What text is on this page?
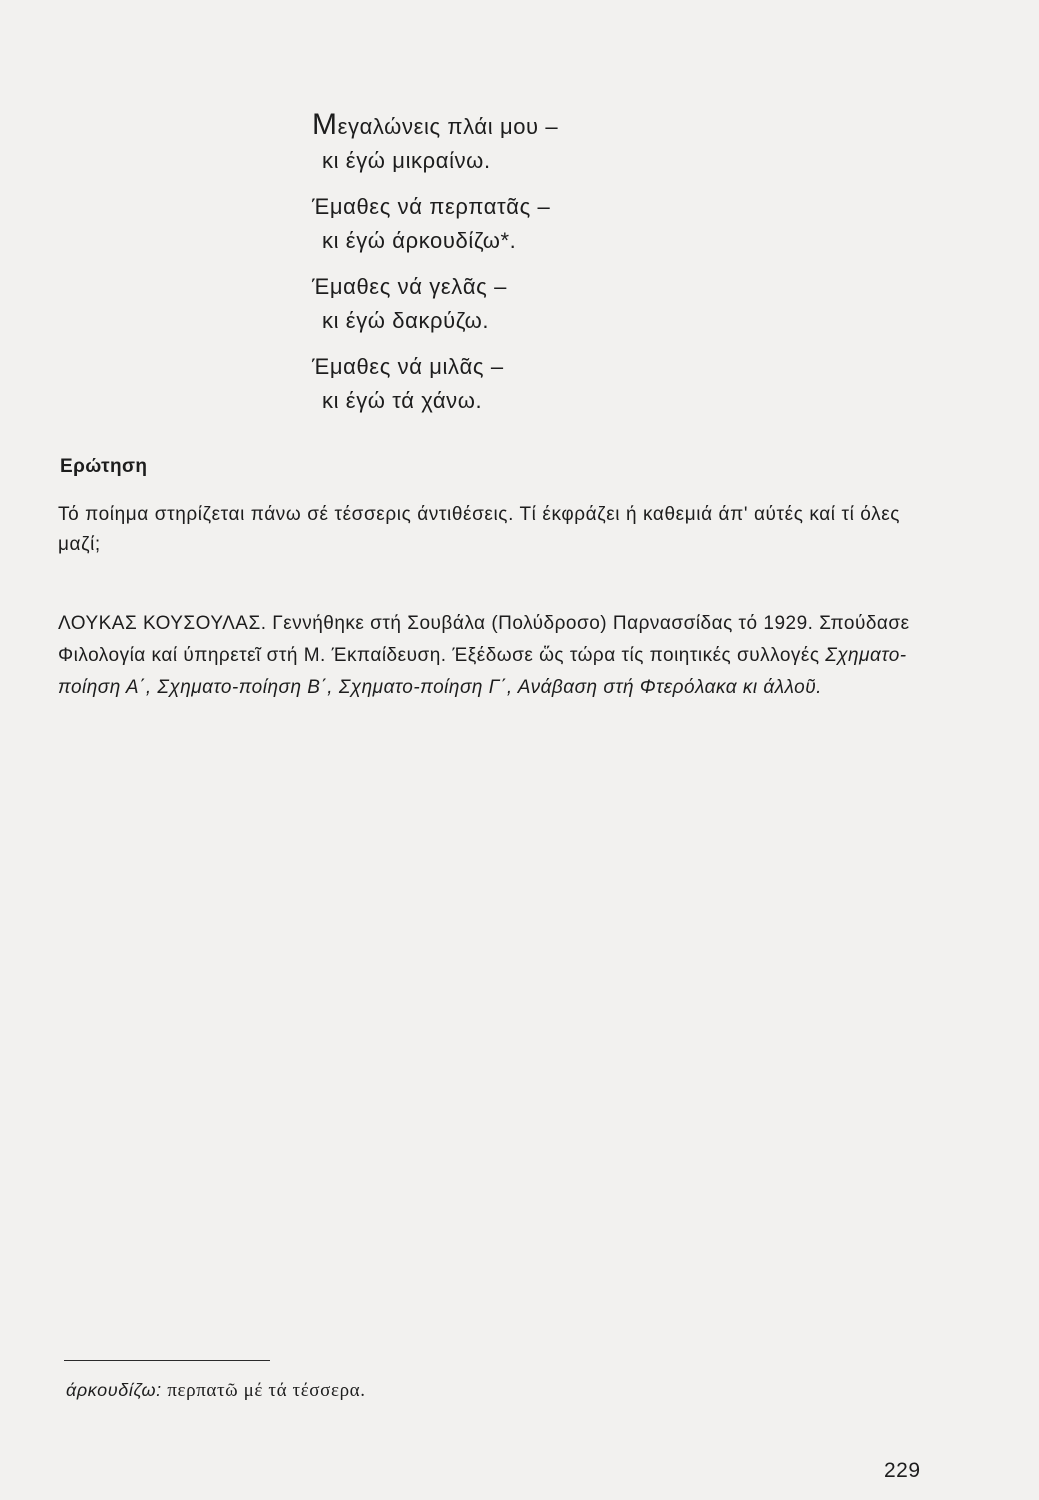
Μεγαλώνεις πλάι μου –
κι έγώ μικραίνω.
Έμαθες νά περπατᾶς –
κι έγώ άρκουδίζω*.
Έμαθες νά γελᾶς –
κι έγώ δακρύζω.
Έμαθες νά μιλᾶς –
κι έγώ τά χάνω.
Ερώτηση

Τό ποίημα στηρίζεται πάνω σέ τέσσερις άντιθέσεις. Τί έκφράζει ή καθεμιά άπ' αύτές καί τί όλες μαζί;

ΛΟΥΚΑΣ ΚΟΥΣΟΥΛΑΣ. Γεννήθηκε στή Σουβάλα (Πολύδροσο) Παρνασσίδας τό 1929. Σπούδασε Φιλολογία καί ύπηρετεῖ στή Μ. Έκπαίδευση. Έξέδωσε ὥς τώρα τίς ποιητικές συλλογές Σχηματο-ποίηση Α΄, Σχηματο-ποίηση Β΄, Σχηματο-ποίηση Γ΄, Ανάβαση στή Φτερόλακα κι άλλοῦ.

άρκουδίζω: περπατῶ μέ τά τέσσερα.
229
